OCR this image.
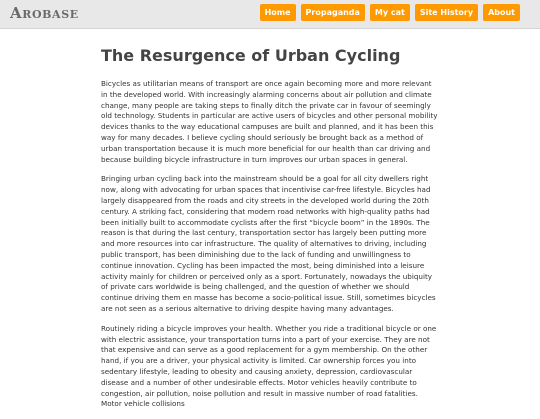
Arobase	Home	Propaganda	My cat	Site History	About
The Resurgence of Urban Cycling

Bicycles as utilitarian means of transport are once again becoming more and more relevant in the developed world. With increasingly alarming concerns about air pollution and climate change, many people are taking steps to finally ditch the private car in favour of seemingly old technology. Students in particular are active users of bicycles and other personal mobility devices thanks to the way educational campuses are built and planned, and it has been this way for many decades. I believe cycling should seriously be brought back as a method of urban transportation because it is much more beneficial for our health than car driving and because building bicycle infrastructure in turn improves our urban spaces in general.

Bringing urban cycling back into the mainstream should be a goal for all city dwellers right now, along with advocating for urban spaces that incentivise car-free lifestyle. Bicycles had largely disappeared from the roads and city streets in the developed world during the 20th century. A striking fact, considering that modern road networks with high-quality paths had been initially built to accommodate cyclists after the first “bicycle boom” in the 1890s. The reason is that during the last century, transportation sector has largely been putting more and more resources into car infrastructure. The quality of alternatives to driving, including public transport, has been diminishing due to the lack of funding and unwillingness to continue innovation. Cycling has been impacted the most, being diminished into a leisure activity mainly for children or perceived only as a sport. Fortunately, nowadays the ubiquity of private cars worldwide is being challenged, and the question of whether we should continue driving them en masse has become a socio-political issue. Still, sometimes bicycles are not seen as a serious alternative to driving despite having many advantages.

Routinely riding a bicycle improves your health. Whether you ride a traditional bicycle or one with electric assistance, your transportation turns into a part of your exercise. They are not that expensive and can serve as a good replacement for a gym membership. On the other hand, if you are a driver, your physical activity is limited. Car ownership forces you into sedentary lifestyle, leading to obesity and causing anxiety, depression, cardiovascular disease and a number of other undesirable effects. Motor vehicles heavily contribute to congestion, air pollution, noise pollution and result in massive number of road fatalities. Motor vehicle collisions
